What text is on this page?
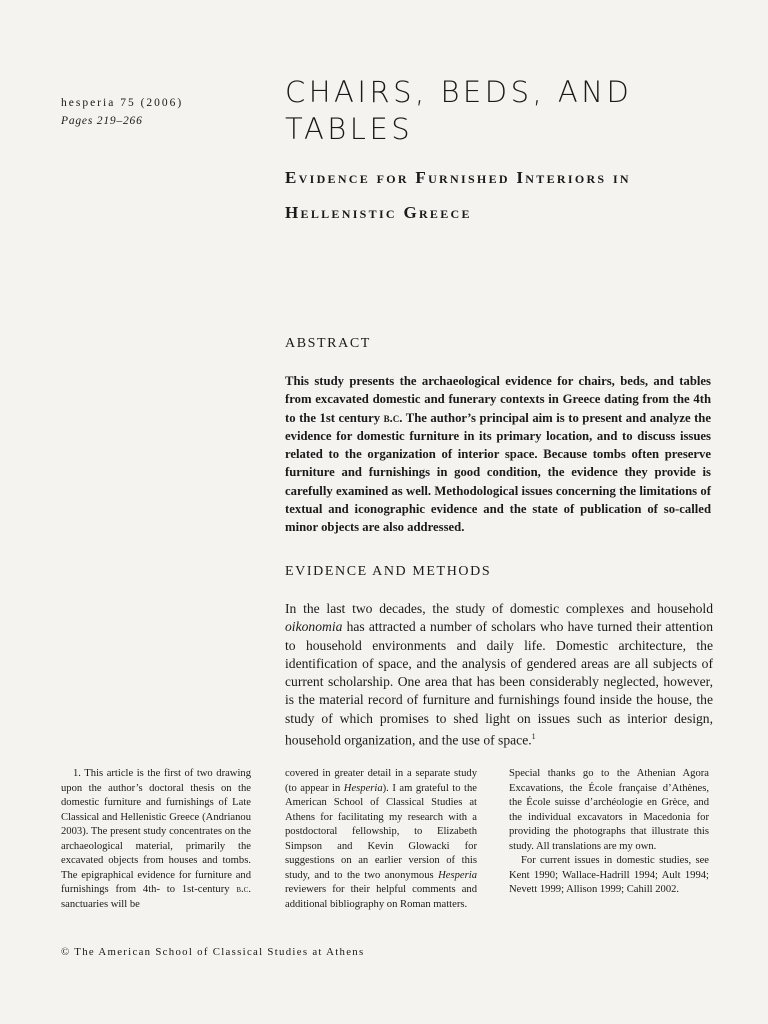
hesperia 75 (2006)
Pages 219–266
CHAIRS, BEDS, AND TABLES
Evidence for Furnished Interiors in Hellenistic Greece
ABSTRACT

This study presents the archaeological evidence for chairs, beds, and tables from excavated domestic and funerary contexts in Greece dating from the 4th to the 1st century b.c. The author’s principal aim is to present and analyze the evidence for domestic furniture in its primary location, and to discuss issues related to the organization of interior space. Because tombs often preserve furniture and furnishings in good condition, the evidence they provide is carefully examined as well. Methodological issues concerning the limitations of textual and iconographic evidence and the state of publication of so-called minor objects are also addressed.

EVIDENCE AND METHODS

In the last two decades, the study of domestic complexes and household oikonomia has attracted a number of scholars who have turned their attention to household environments and daily life. Domestic architecture, the identification of space, and the analysis of gendered areas are all subjects of current scholarship. One area that has been considerably neglected, however, is the material record of furniture and furnishings found inside the house, the study of which promises to shed light on issues such as interior design, household organization, and the use of space.$^1$

1. This article is the first of two drawing upon the author’s doctoral thesis on the domestic furniture and furnishings of Late Classical and Hellenistic Greece (Andrianou 2003). The present study concentrates on the archaeological material, primarily the excavated objects from houses and tombs. The epigraphical evidence for furniture and furnishings from 4th- to 1st-century b.c. sanctuaries will be

covered in greater detail in a separate study (to appear in Hesperia). I am grateful to the American School of Classical Studies at Athens for facilitating my research with a postdoctoral fellowship, to Elizabeth Simpson and Kevin Glowacki for suggestions on an earlier version of this study, and to the two anonymous Hesperia reviewers for their helpful comments and additional bibliography on Roman matters.

Special thanks go to the Athenian Agora Excavations, the École française d’Athènes, the École suisse d’archéologie en Grèce, and the individual excavators in Macedonia for providing the photographs that illustrate this study. All translations are my own.
For current issues in domestic studies, see Kent 1990; Wallace-Hadrill 1994; Ault 1994; Nevett 1999; Allison 1999; Cahill 2002.

© The American School of Classical Studies at Athens
